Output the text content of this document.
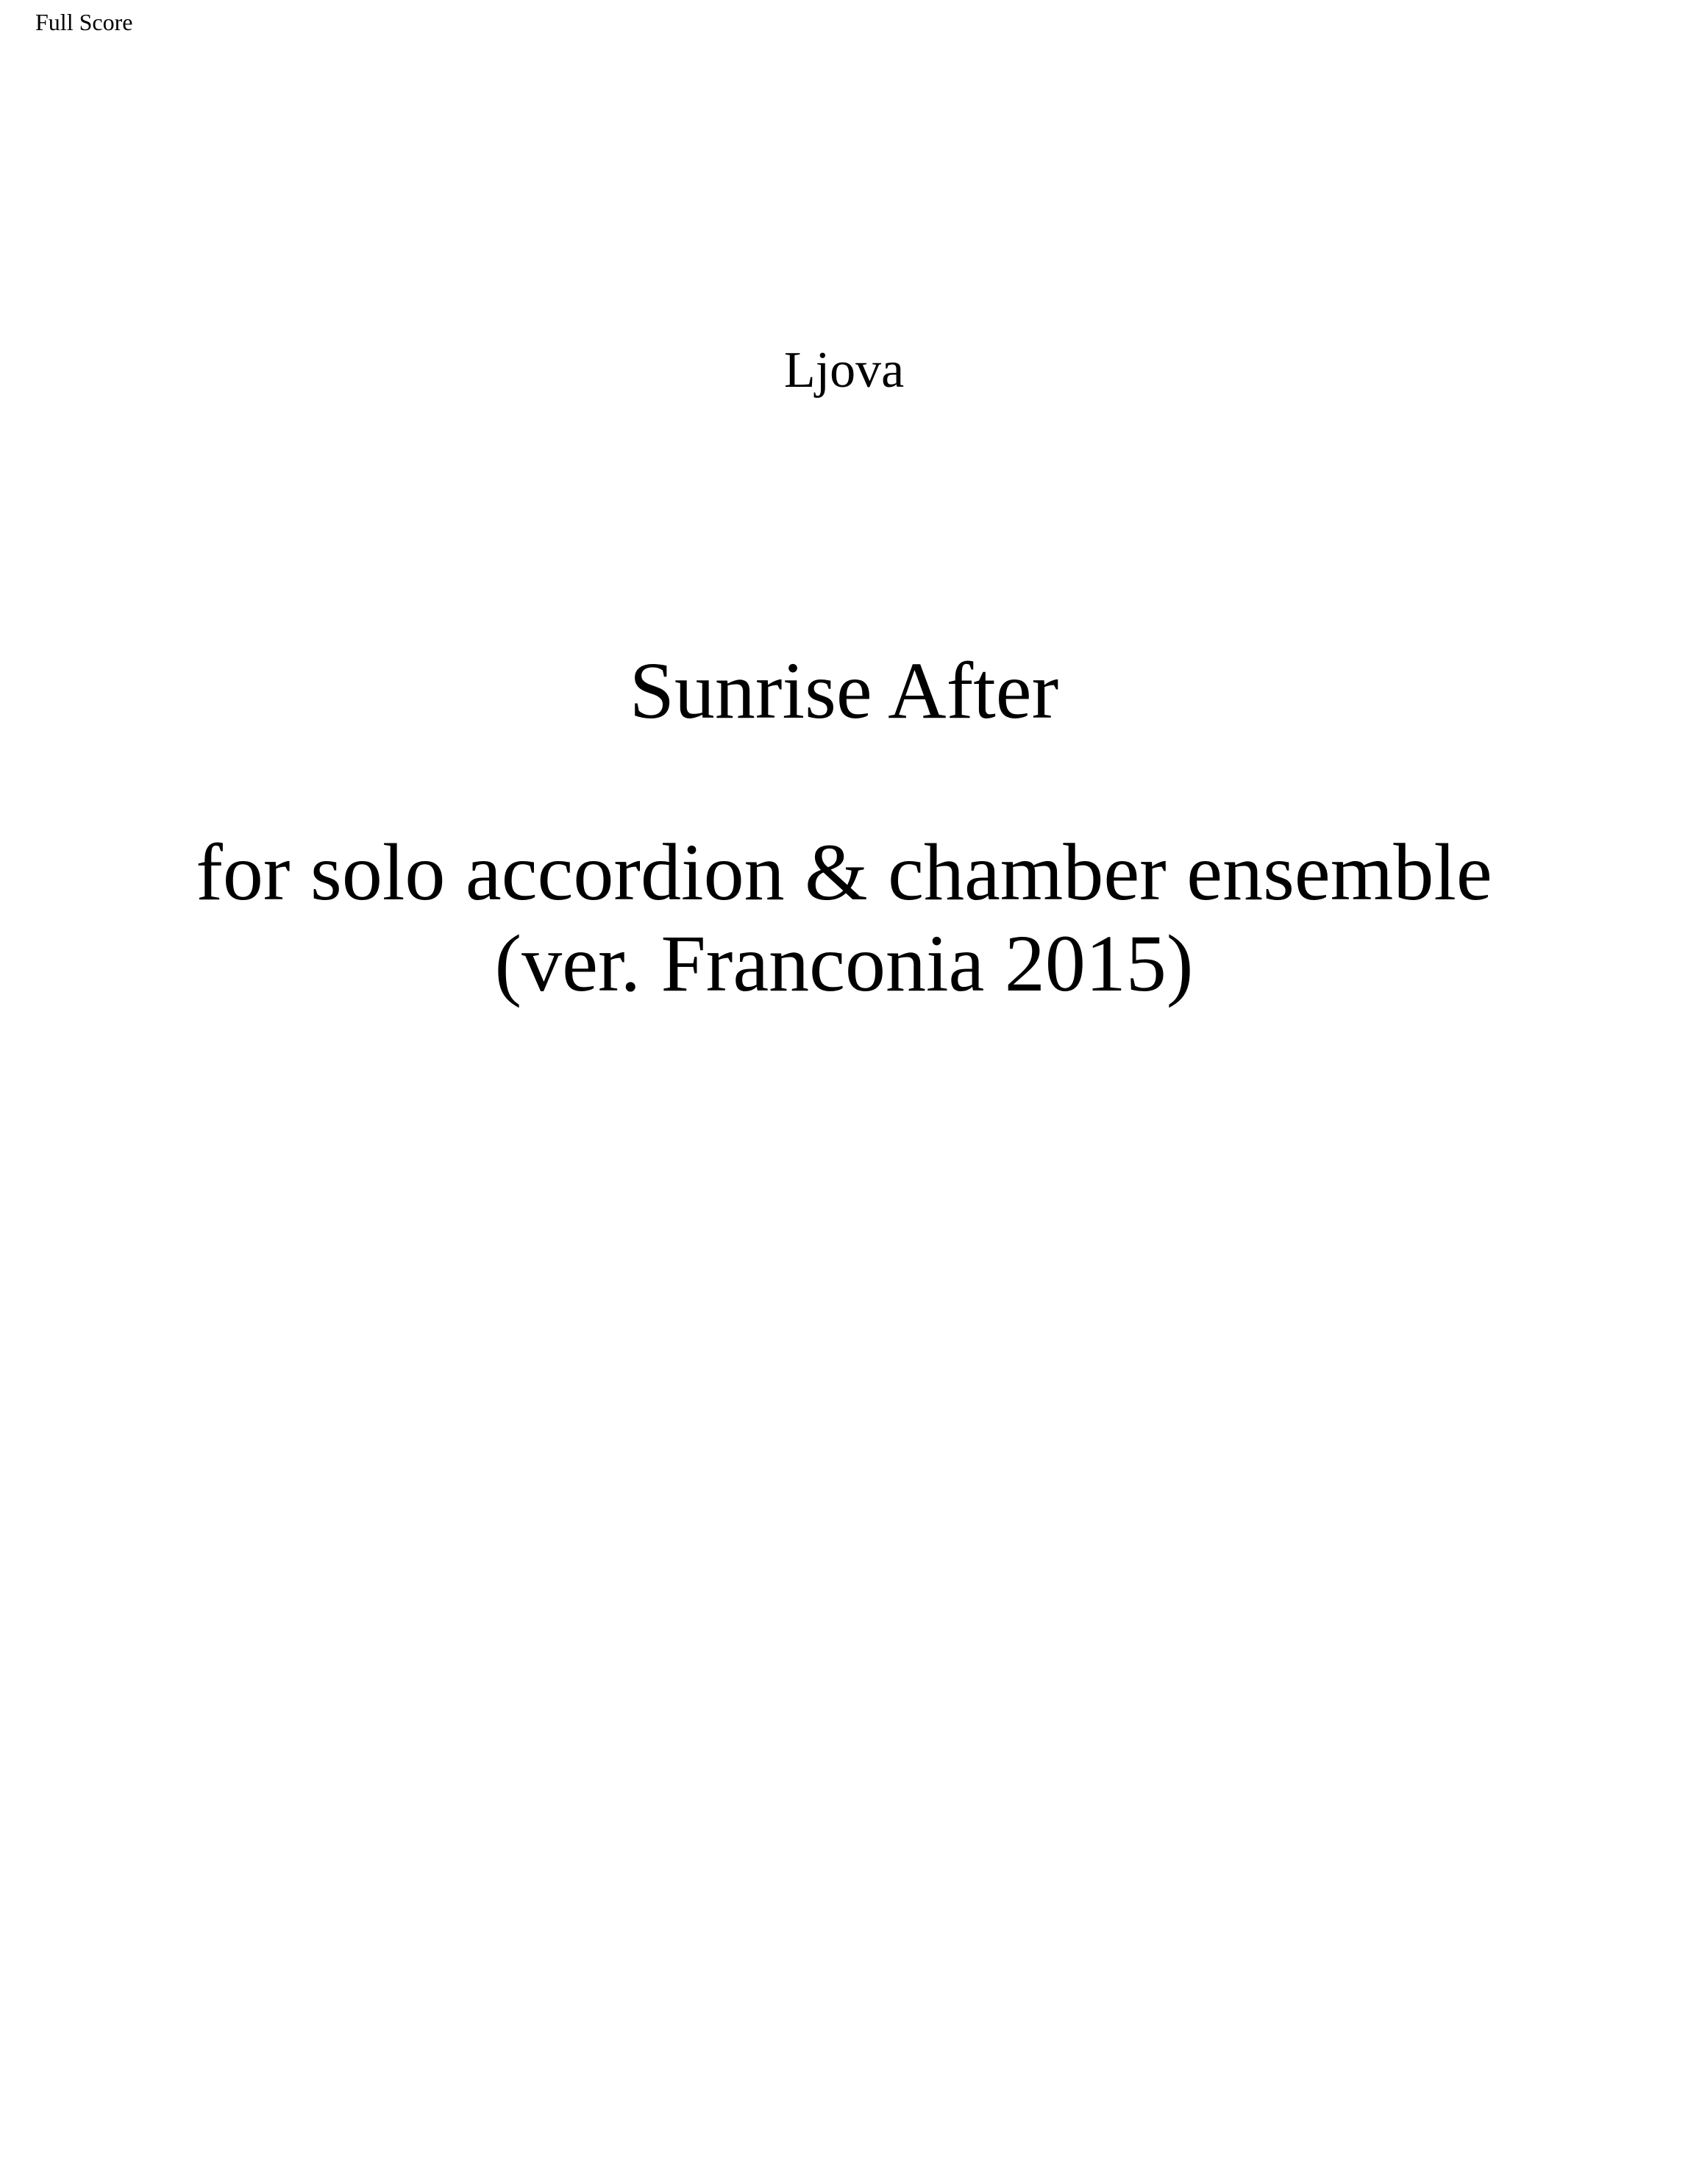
Full Score
Ljova
Sunrise After
for solo accordion & chamber ensemble
(ver. Franconia 2015)
